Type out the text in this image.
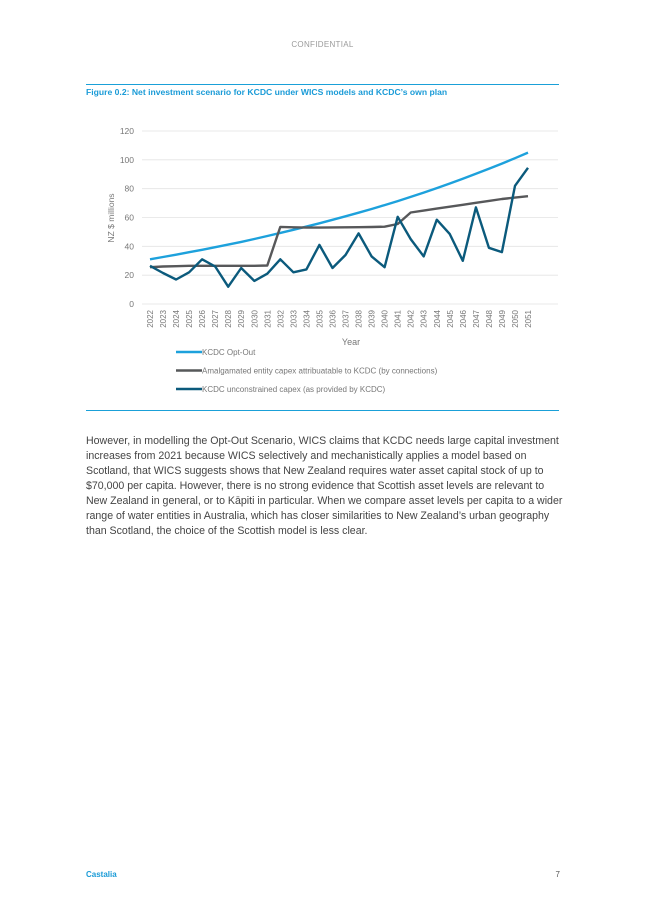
CONFIDENTIAL
Figure 0.2: Net investment scenario for KCDC under WICS models and KCDC’s own plan
0
20
40
60
80
100
120
NZ $ millions
2022 2023 2024 2025 2026 2027 2028 2029 2030 2031 2032 2033 2034 2035 2036 2037 2038 2039 2040 2041 2042 2043 2044 2045 2046 2047 2048 2049 2050 2051
Year
KCDC Opt-Out
Amalgamated entity capex attribuatable to KCDC (by connections)
KCDC unconstrained capex (as provided by KCDC)
However, in modelling the Opt-Out Scenario, WICS claims that KCDC needs large capital investment increases from 2021 because WICS selectively and mechanistically applies a model based on Scotland, that WICS suggests shows that New Zealand requires water asset capital stock of up to $70,000 per capita. However, there is no strong evidence that Scottish asset levels are relevant to New Zealand in general, or to Kāpiti in particular. When we compare asset levels per capita to a wider range of water entities in Australia, which has closer similarities to New Zealand’s urban geography than Scotland, the choice of the Scottish model is less clear.
Castalia	7
